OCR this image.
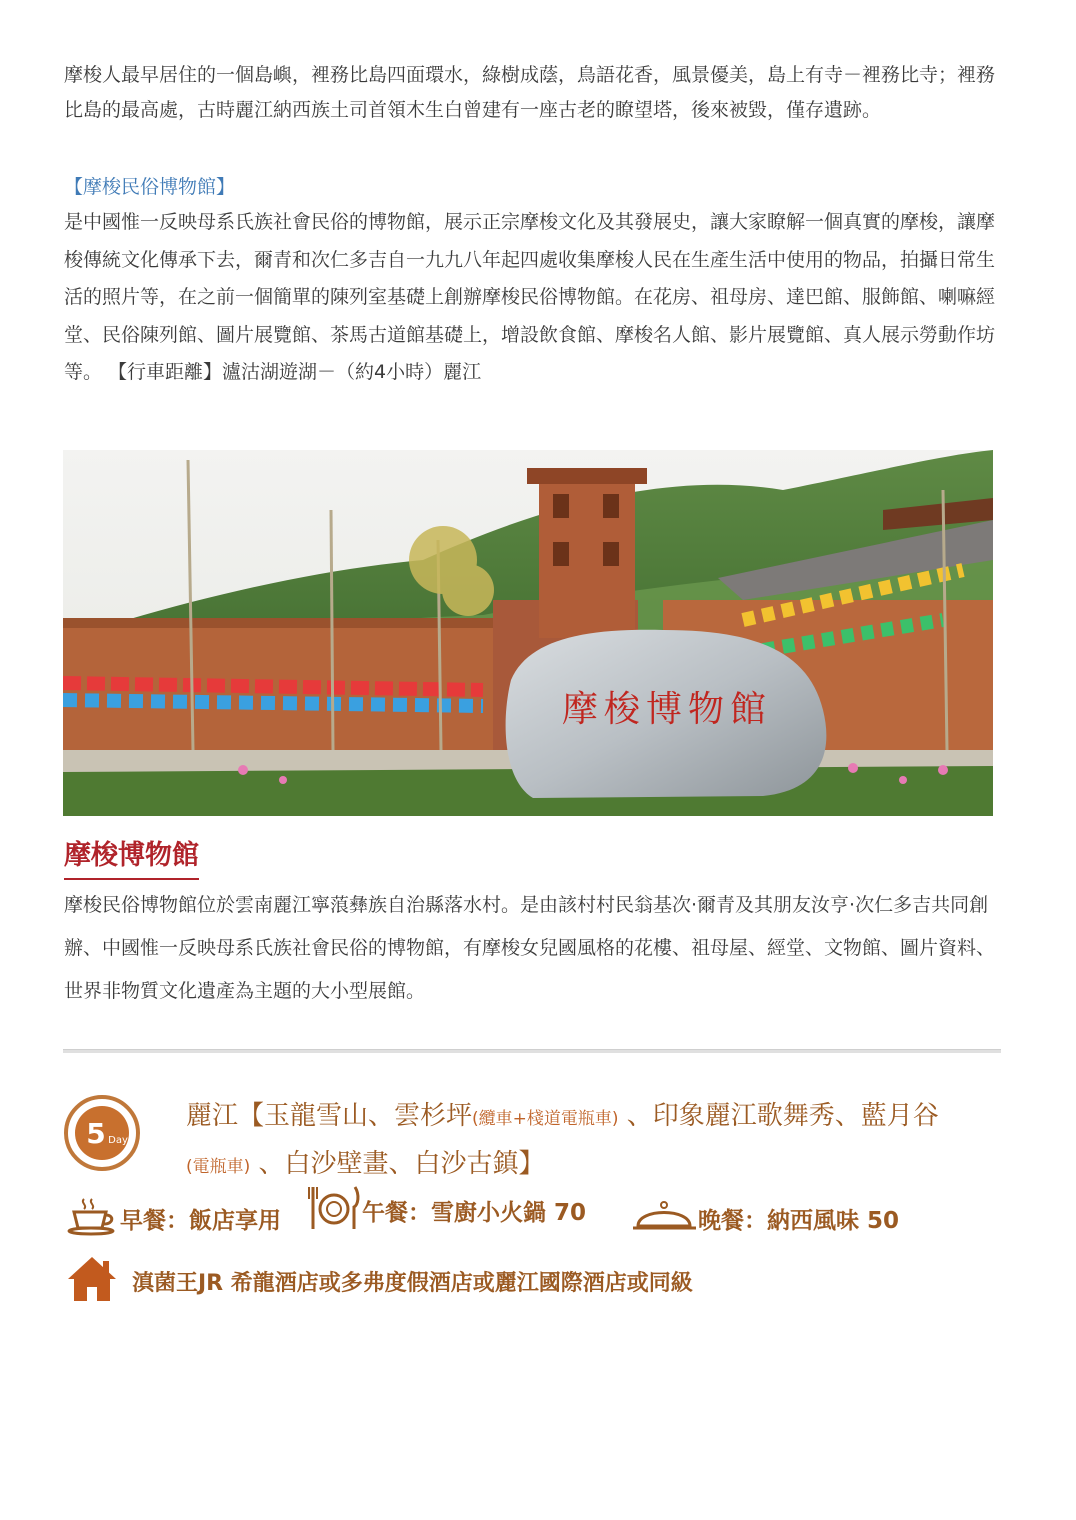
摩梭人最早居住的一個島嶼，裡務比島四面環水，綠樹成蔭，鳥語花香，風景優美，島上有寺－裡務比寺；裡務比島的最高處，古時麗江納西族土司首領木生白曾建有一座古老的瞭望塔，後來被毀，僅存遺跡。

【摩梭民俗博物館】

是中國惟一反映母系氏族社會民俗的博物館，展示正宗摩梭文化及其發展史，讓大家瞭解一個真實的摩梭，讓摩梭傳統文化傳承下去，爾青和次仁多吉自一九九八年起四處收集摩梭人民在生產生活中使用的物品，拍攝日常生活的照片等，在之前一個簡單的陳列室基礎上創辦摩梭民俗博物館。在花房、祖母房、達巴館、服飾館、喇嘛經堂、民俗陳列館、圖片展覽館、茶馬古道館基礎上，增設飲食館、摩梭名人館、影片展覽館、真人展示勞動作坊等。 【行車距離】瀘沽湖遊湖－（約4小時）麗江

摩梭博物館
摩梭博物館

摩梭民俗博物館位於雲南麗江寧蒗彝族自治縣落水村。是由該村村民翁基次·爾青及其朋友汝亨·次仁多吉共同創辦、中國惟一反映母系氏族社會民俗的博物館，有摩梭女兒國風格的花樓、祖母屋、經堂、文物館、圖片資料、世界非物質文化遺產為主題的大小型展館。

5 Day
麗江【玉龍雪山、雲杉坪(纜車+棧道電瓶車) 、印象麗江歌舞秀、藍月谷
(電瓶車) 、白沙壁畫、白沙古鎮】
早餐：飯店享用	午餐：雪廚小火鍋 70	晚餐：納西風味 50
滇菌王JR 希龍酒店或多弗度假酒店或麗江國際酒店或同級
